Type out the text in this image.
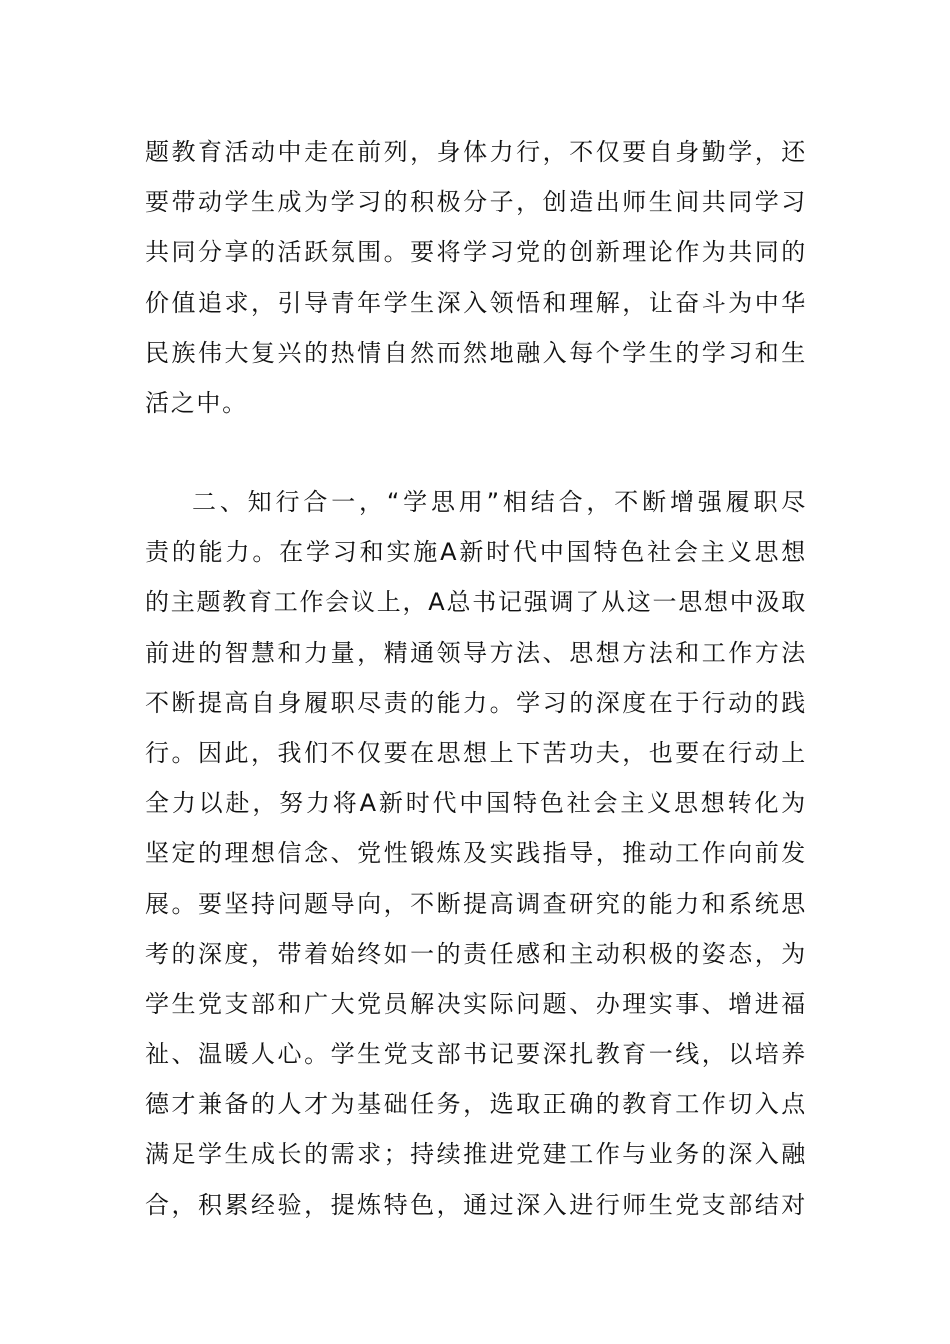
题教育活动中走在前列，身体力行，不仅要自身勤学，还
要带动学生成为学习的积极分子，创造出师生间共同学习
共同分享的活跃氛围。要将学习党的创新理论作为共同的
价值追求，引导青年学生深入领悟和理解，让奋斗为中华
民族伟大复兴的热情自然而然地融入每个学生的学习和生
活之中。
二、知行合一，“学思用”相结合，不断增强履职尽
责的能力。在学习和实施A新时代中国特色社会主义思想
的主题教育工作会议上，A总书记强调了从这一思想中汲取
前进的智慧和力量，精通领导方法、思想方法和工作方法
不断提高自身履职尽责的能力。学习的深度在于行动的践
行。因此，我们不仅要在思想上下苦功夫，也要在行动上
全力以赴，努力将A新时代中国特色社会主义思想转化为
坚定的理想信念、党性锻炼及实践指导，推动工作向前发
展。要坚持问题导向，不断提高调查研究的能力和系统思
考的深度，带着始终如一的责任感和主动积极的姿态，为
学生党支部和广大党员解决实际问题、办理实事、增进福
祉、温暖人心。学生党支部书记要深扎教育一线，以培养
德才兼备的人才为基础任务，选取正确的教育工作切入点
满足学生成长的需求；持续推进党建工作与业务的深入融
合，积累经验，提炼特色，通过深入进行师生党支部结对
